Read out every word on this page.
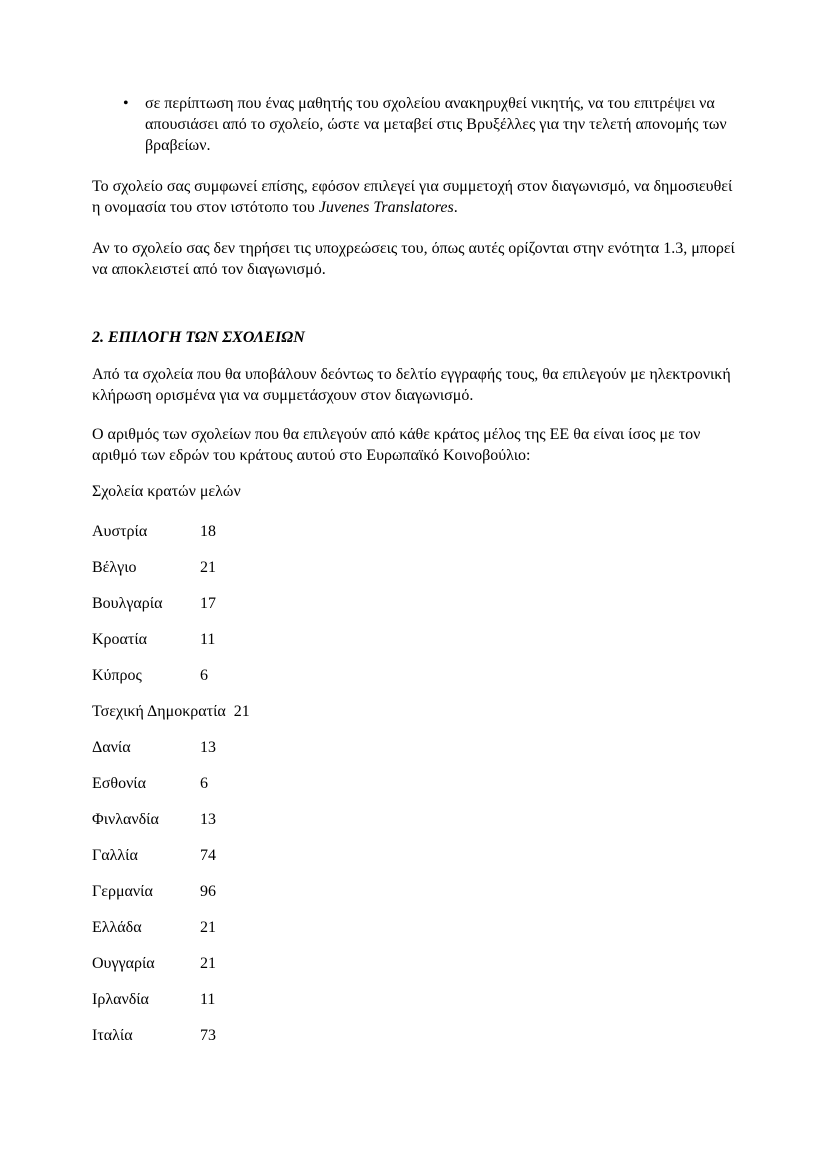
• σε περίπτωση που ένας μαθητής του σχολείου ανακηρυχθεί νικητής, να του επιτρέψει να απουσιάσει από το σχολείο, ώστε να μεταβεί στις Βρυξέλλες για την τελετή απονομής των βραβείων.

Το σχολείο σας συμφωνεί επίσης, εφόσον επιλεγεί για συμμετοχή στον διαγωνισμό, να δημοσιευθεί η ονομασία του στον ιστότοπο του Juvenes Translatores.

Αν το σχολείο σας δεν τηρήσει τις υποχρεώσεις του, όπως αυτές ορίζονται στην ενότητα 1.3, μπορεί να αποκλειστεί από τον διαγωνισμό.

2. ΕΠΙΛΟΓΗ ΤΩΝ ΣΧΟΛΕΙΩΝ

Από τα σχολεία που θα υποβάλουν δεόντως το δελτίο εγγραφής τους, θα επιλεγούν με ηλεκτρονική κλήρωση ορισμένα για να συμμετάσχουν στον διαγωνισμό.

Ο αριθμός των σχολείων που θα επιλεγούν από κάθε κράτος μέλος της ΕΕ θα είναι ίσος με τον αριθμό των εδρών του κράτους αυτού στο Ευρωπαϊκό Κοινοβούλιο:

Σχολεία κρατών μελών

Αυστρία	18
Βέλγιο	21
Βουλγαρία 17
Κροατία	11
Κύπρος	6
Τσεχική Δημοκρατία 21
Δανία	13
Εσθονία	6
Φινλανδία	13
Γαλλία	74
Γερμανία	96
Ελλάδα	21
Ουγγαρία	21
Ιρλανδία	11
Ιταλία	73
